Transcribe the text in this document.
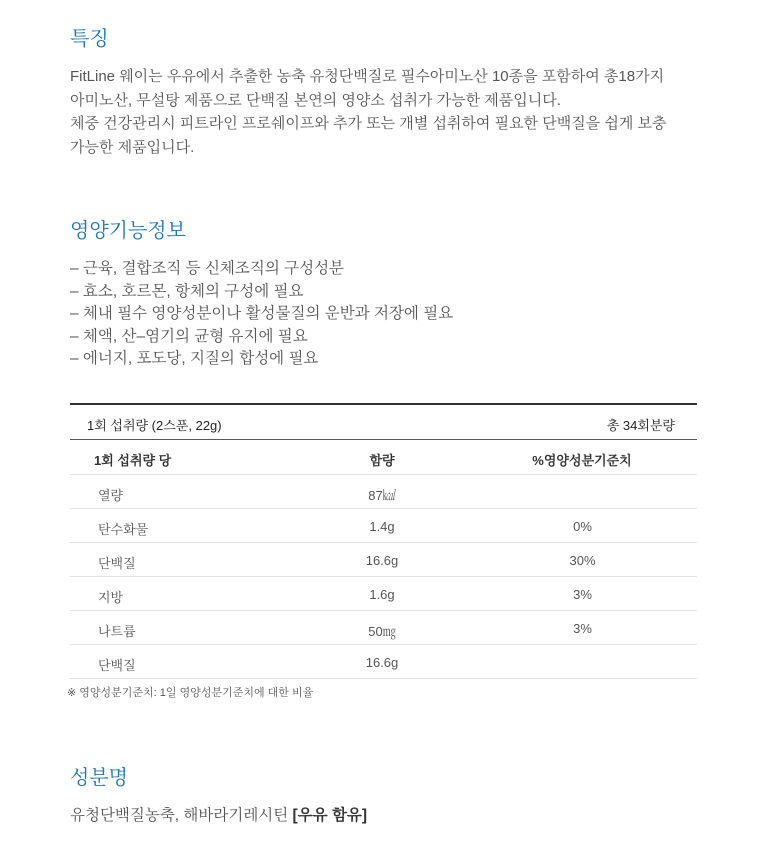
특징
FitLine 웨이는 우유에서 추출한 농축 유청단백질로 필수아미노산 10종을 포함하여 총18가지
아미노산, 무설탕 제품으로 단백질 본연의 영양소 섭취가 가능한 제품입니다.
체중 건강관리시 피트라인 프로쉐이프와 추가 또는 개별 섭취하여 필요한 단백질을 쉽게 보충
가능한 제품입니다.
영양기능정보
– 근육, 결합조직 등 신체조직의 구성성분
– 효소, 호르몬, 항체의 구성에 필요
– 체내 필수 영양성분이나 활성물질의 운반과 저장에 필요
– 체액, 산–염기의 균형 유지에 필요
– 에너지, 포도당, 지질의 합성에 필요
1회 섭취량 (2스푼, 22g)	총 34회분량
1회 섭취량 당	함량	%영양성분기준치
열량	87㎉
탄수화물	1.4g	0%
단백질	16.6g	30%
지방	1.6g	3%
나트륨	50㎎	3%
단백질	16.6g
※ 영양성분기준치: 1일 영양성분기준치에 대한 비율
성분명
유청단백질농축, 해바라기레시틴 [우유 함유]
